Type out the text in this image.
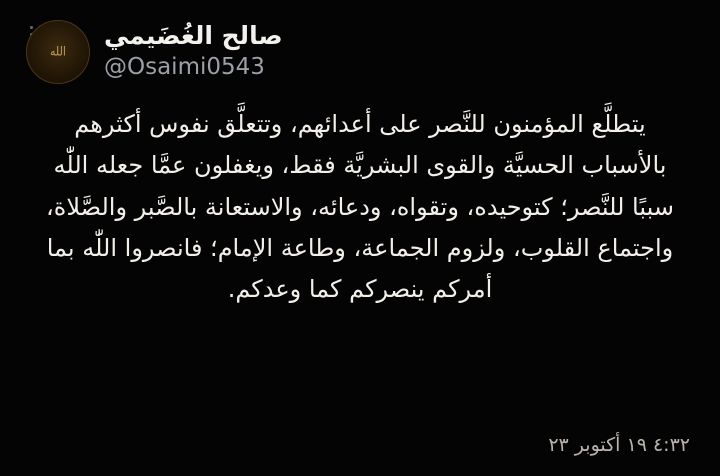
الله
صالح الغُضَيمي
@Osaimi0543
يتطلَّع المؤمنون للنَّصر على أعدائهم، وتتعلَّق نفوس أكثرهم بالأسباب الحسيَّة والقوى البشريَّة فقط، ويغفلون عمَّا جعله اللّٰه سببًا للنَّصر؛ كتوحيده، وتقواه، ودعائه، والاستعانة بالصَّبر والصَّلاة، واجتماع القلوب، ولزوم الجماعة، وطاعة الإمام؛ فانصروا اللّٰه بما أمركم ينصركم كما وعدكم.
٤:٣٢ ١٩ أكتوبر ٢٣
